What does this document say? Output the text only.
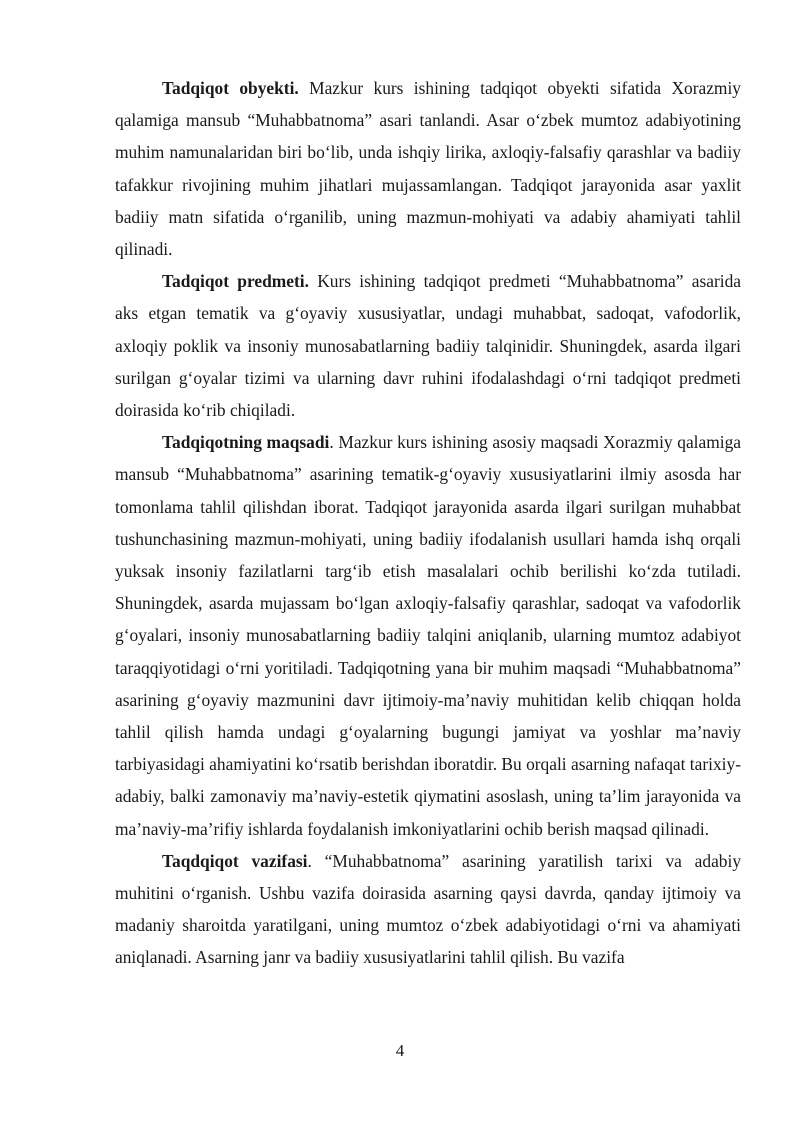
Tadqiqot obyekti. Mazkur kurs ishining tadqiqot obyekti sifatida Xorazmiy qalamiga mansub “Muhabbatnoma” asari tanlandi. Asar o‘zbek mumtoz adabiyotining muhim namunalaridan biri bo‘lib, unda ishqiy lirika, axloqiy-falsafiy qarashlar va badiiy tafakkur rivojining muhim jihatlari mujassamlangan. Tadqiqot jarayonida asar yaxlit badiiy matn sifatida o‘rganilib, uning mazmun-mohiyati va adabiy ahamiyati tahlil qilinadi.

Tadqiqot predmeti. Kurs ishining tadqiqot predmeti “Muhabbatnoma” asarida aks etgan tematik va g‘oyaviy xususiyatlar, undagi muhabbat, sadoqat, vafodorlik, axloqiy poklik va insoniy munosabatlarning badiiy talqinidir. Shuningdek, asarda ilgari surilgan g‘oyalar tizimi va ularning davr ruhini ifodalashdagi o‘rni tadqiqot predmeti doirasida ko‘rib chiqiladi.

Tadqiqotning maqsadi. Mazkur kurs ishining asosiy maqsadi Xorazmiy qalamiga mansub “Muhabbatnoma” asarining tematik-g‘oyaviy xususiyatlarini ilmiy asosda har tomonlama tahlil qilishdan iborat. Tadqiqot jarayonida asarda ilgari surilgan muhabbat tushunchasining mazmun-mohiyati, uning badiiy ifodalanish usullari hamda ishq orqali yuksak insoniy fazilatlarni targ‘ib etish masalalari ochib berilishi ko‘zda tutiladi. Shuningdek, asarda mujassam bo‘lgan axloqiy-falsafiy qarashlar, sadoqat va vafodorlik g‘oyalari, insoniy munosabatlarning badiiy talqini aniqlanib, ularning mumtoz adabiyot taraqqiyotidagi o‘rni yoritiladi. Tadqiqotning yana bir muhim maqsadi “Muhabbatnoma” asarining g‘oyaviy mazmunini davr ijtimoiy-ma’naviy muhitidan kelib chiqqan holda tahlil qilish hamda undagi g‘oyalarning bugungi jamiyat va yoshlar ma’naviy tarbiyasidagi ahamiyatini ko‘rsatib berishdan iboratdir. Bu orqali asarning nafaqat tarixiy-adabiy, balki zamonaviy ma’naviy-estetik qiymatini asoslash, uning ta’lim jarayonida va ma’naviy-ma’rifiy ishlarda foydalanish imkoniyatlarini ochib berish maqsad qilinadi.

Taqdqiqot vazifasi. “Muhabbatnoma” asarining yaratilish tarixi va adabiy muhitini o‘rganish. Ushbu vazifa doirasida asarning qaysi davrda, qanday ijtimoiy va madaniy sharoitda yaratilgani, uning mumtoz o‘zbek adabiyotidagi o‘rni va ahamiyati aniqlanadi. Asarning janr va badiiy xususiyatlarini tahlil qilish. Bu vazifa

4
